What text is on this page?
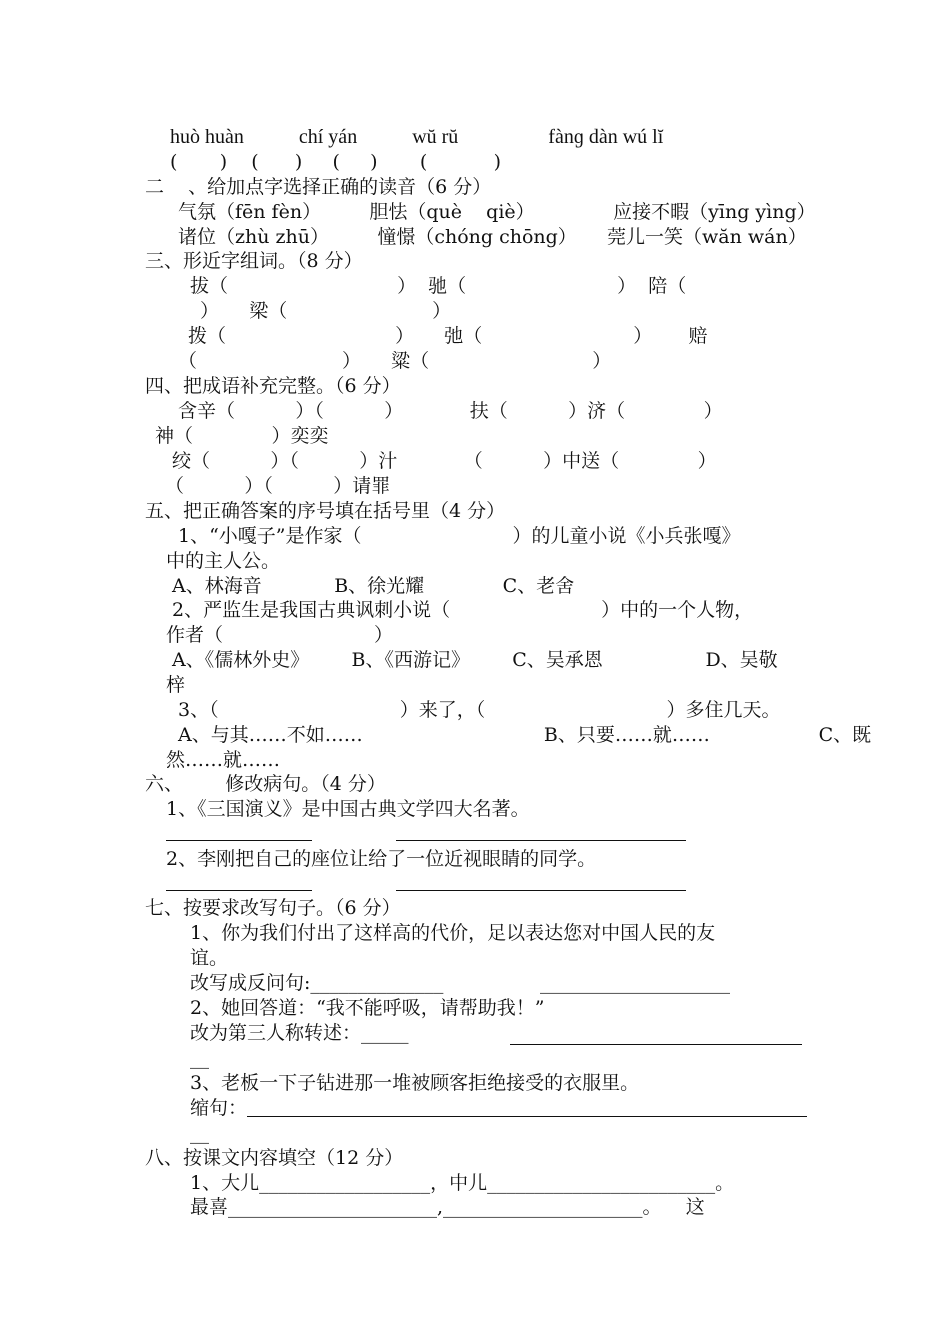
huò huàn           chí yán           wŭ rŭ                  fànɡ dàn wú lĭ
(       )    (      )     (     )       (           )
二    、给加点字选择正确的读音（6 分）
气氛（fēn fèn）        胆怯（què    qiè）             应接不暇（yīng yìng）
诸位（zhù zhū）        憧憬（chóng chōng）     莞儿一笑（wăn wán）
三、形近字组词。（8 分）
拔（                            ）  驰（                         ）  陪（
）     梁（                        ）
拨（                            ）     弛（                         ）      赔
（                        ）     粱（                           ）
四、把成语补充完整。（6 分）
含辛（          ）（          ）           扶（          ）济（             ）
神（             ）奕奕
绞（          ）（          ）汁           （          ）中送（             ）
（          ）（          ）请罪
五、把正确答案的序号填在括号里（4 分）
1、“小嘎子”是作家（                         ）的儿童小说《小兵张嘎》
中的主人公。
A、林海音            B、徐光耀             C、老舍
2、严监生是我国古典讽刺小说（                         ）中的一个人物，
作者（                         ）
A、《儒林外史》       B、《西游记》       C、吴承恩                 D、吴敬
梓
3、（                              ）来了，（                              ）多住几天。
A、与其……不如……                              B、只要……就……                  C、既
然……就……
六、       修改病句。（4 分）
1、《三国演义》是中国古典文学四大名著。
2、李刚把自己的座位让给了一位近视眼睛的同学。
七、按要求改写句子。（6 分）
1、你为我们付出了这样高的代价，足以表达您对中国人民的友
谊。
改写成反问句:______________                ____________________
2、她回答道：“我不能呼吸，请帮助我！”
改为第三人称转述：_____
__
3、老板一下子钻进那一堆被顾客拒绝接受的衣服里。
缩句：
__
八、按课文内容填空（12 分）
1、大儿__________________，中儿________________________。
最喜______________________,_____________________。    这
